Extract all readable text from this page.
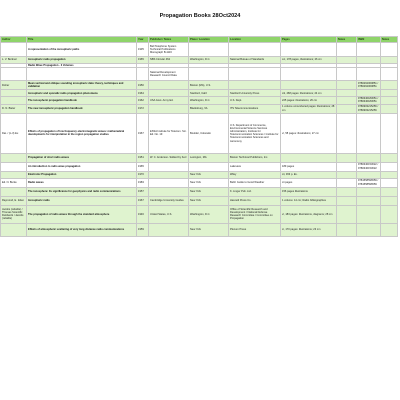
Propagation Books 28Oct2024
Author	Title	Year	Publisher / Notes	Place / Location	Location	Pages	Notes	ISBN	Notes
	A representation of the ionospheric paths	1935	Bell Telephone System Technical Publications Monograph B-1116						
L. V. Berkner	Ionospheric radio propagation	1965	NBS Circular 462	Washington, D.C.	National Bureau of Standards	xvi, 178 pages, illustrations; 26 cm			
	Radio Wave Propagation - 2 Volumes								
			National Development Research Council Data						
Fisher	Mean vertical and oblique sounding ionospheric data: theory, techniques and validation	1950		Boston (MA), U.S.				9780262060851 / 9780262060851	
	Ionospheric and sporadic radio propagation phenomena	1964		Stanford, Calif.	Stanford University Press	xiii, 468 pages: illustrations; 24 cm			
	The ionospheric propagation handbook	1962	USA Govt. Army Ed.	Washington, D.C.	U.S. Dept.	225 pages: illustrations; 26 cm		9780340183051 / 9780340183051	
D. N. Bieler	The new ionospheric propagation handbook	1972		Blacksburg, VA	ITS Telecommunications	1 volume unnumbered pages: illustrations; 28 cm		9780903215256 / 9780903215256	
Dat. / (n-3) Ev.	Effects of propagation of low frequency electromagnetic waves: mathematical developments for interpretation in the region propagation studies	1967	ESSA Institute for Telecom. Sci. Ed. No. 19	Boulder, Colorado	U.S. Department of Commerce, Environmental Science Services Administration, Institute for Telecommunication Sciences / Institute for Telecommunication Sciences and Aeronomy	vi, 58 pages: illustrations; 27 cm			
	Propagation of short radio waves	1951	W. C. Anderson / Edited by Kerr	Lexington, MA	Boston Technical Publishers, Inc.				
	An introduction to radio wave propagation	1965			Lakeview	189 pages		9780340153022 / 9780340153022	
	Electronic Propagation	1970		New York	Wiley	xii, 363 p. Ex.			
Ed. N. Burke	Radio waves	1983		New York	Bells' Guide to Good Weather	xii pages		9781558596559 / 9781558596559	
	The ionosphere: Its significance for geophysics and radio communications	1957		New York	K. Linger Pub. Ltd.	156 pages illustrations			
Raymond, E. Isben	Ionospheric radio	1967	Cambridge University Guides	New York	Harvard Press Co.	1 volume: 14 cm; Radio bibliographies			
Jacobs (reliable) / Thomas Scientific Fieldwork / Jacobs (reliable)	The propagation of radio waves through the standard atmosphere	1946	United States, U.S.	Washington, D.C.	Office of Scientific Research and Development / National Defense Research Committee / Committee on Propagation	vi, 183 pages: illustrations, diagrams; 28 cm			
	Effects of atmospheric scattering of very long distance radio communications	1959		New York	Plenum Press	xi, 170 pages: illustrations; 23 cm			
